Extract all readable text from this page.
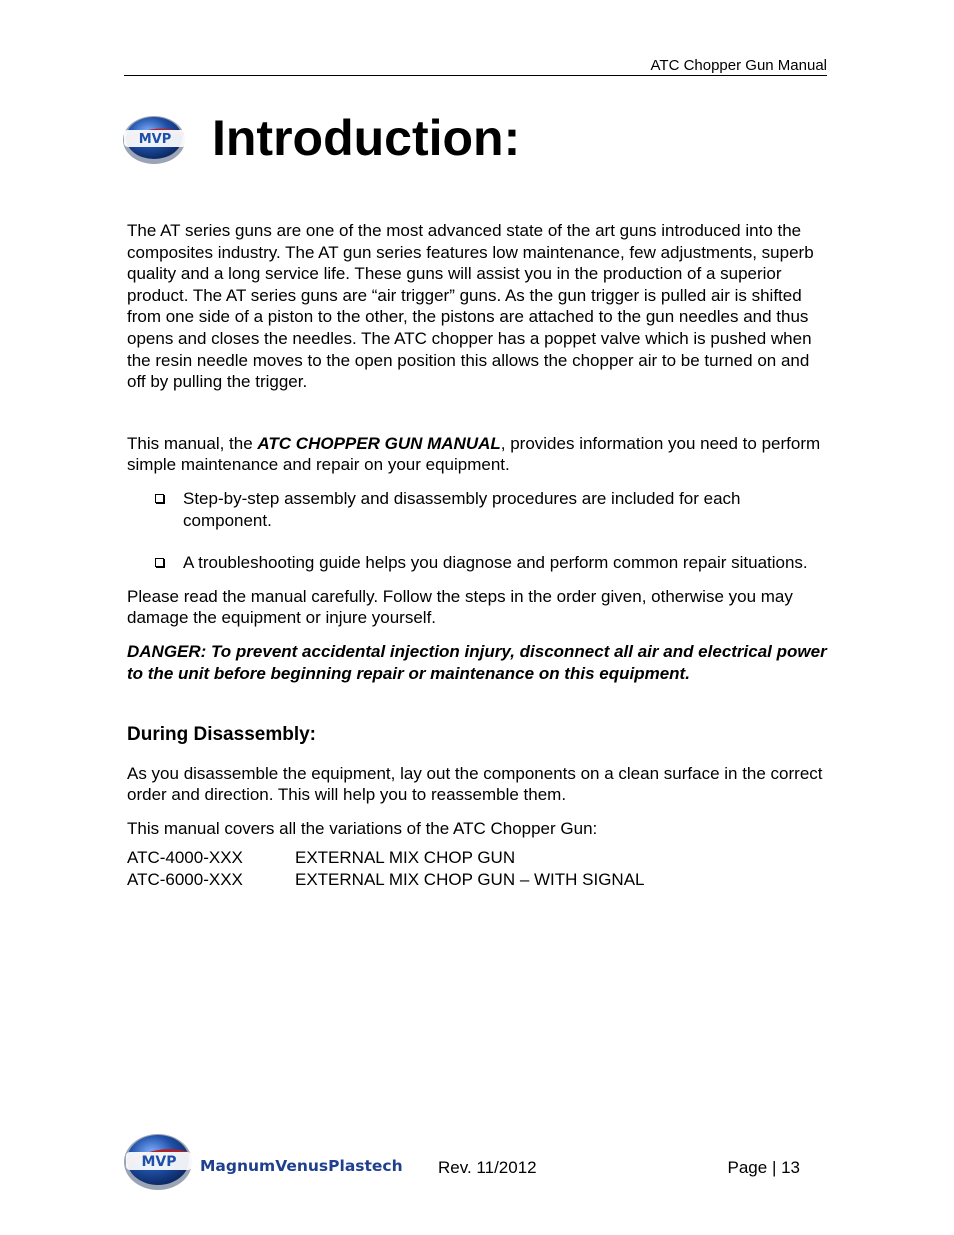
ATC Chopper Gun Manual
MVP Introduction:

The AT series guns are one of the most advanced state of the art guns introduced into the composites industry. The AT gun series features low maintenance, few adjustments, superb quality and a long service life. These guns will assist you in the production of a superior product. The AT series guns are “air trigger” guns. As the gun trigger is pulled air is shifted from one side of a piston to the other, the pistons are attached to the gun needles and thus opens and closes the needles. The ATC chopper has a poppet valve which is pushed when the resin needle moves to the open position this allows the chopper air to be turned on and off by pulling the trigger.

This manual, the ATC CHOPPER GUN MANUAL, provides information you need to perform simple maintenance and repair on your equipment.

Step-by-step assembly and disassembly procedures are included for each component.
A troubleshooting guide helps you diagnose and perform common repair situations.

Please read the manual carefully. Follow the steps in the order given, otherwise you may damage the equipment or injure yourself.

DANGER: To prevent accidental injection injury, disconnect all air and electrical power to the unit before beginning repair or maintenance on this equipment.

During Disassembly:

As you disassemble the equipment, lay out the components on a clean surface in the correct order and direction. This will help you to reassemble them.

This manual covers all the variations of the ATC Chopper Gun:

ATC-4000-XXX	EXTERNAL MIX CHOP GUN
ATC-6000-XXX	EXTERNAL MIX CHOP GUN – WITH SIGNAL
MVP MagnumVenusPlastech Rev. 11/2012	Page | 13
